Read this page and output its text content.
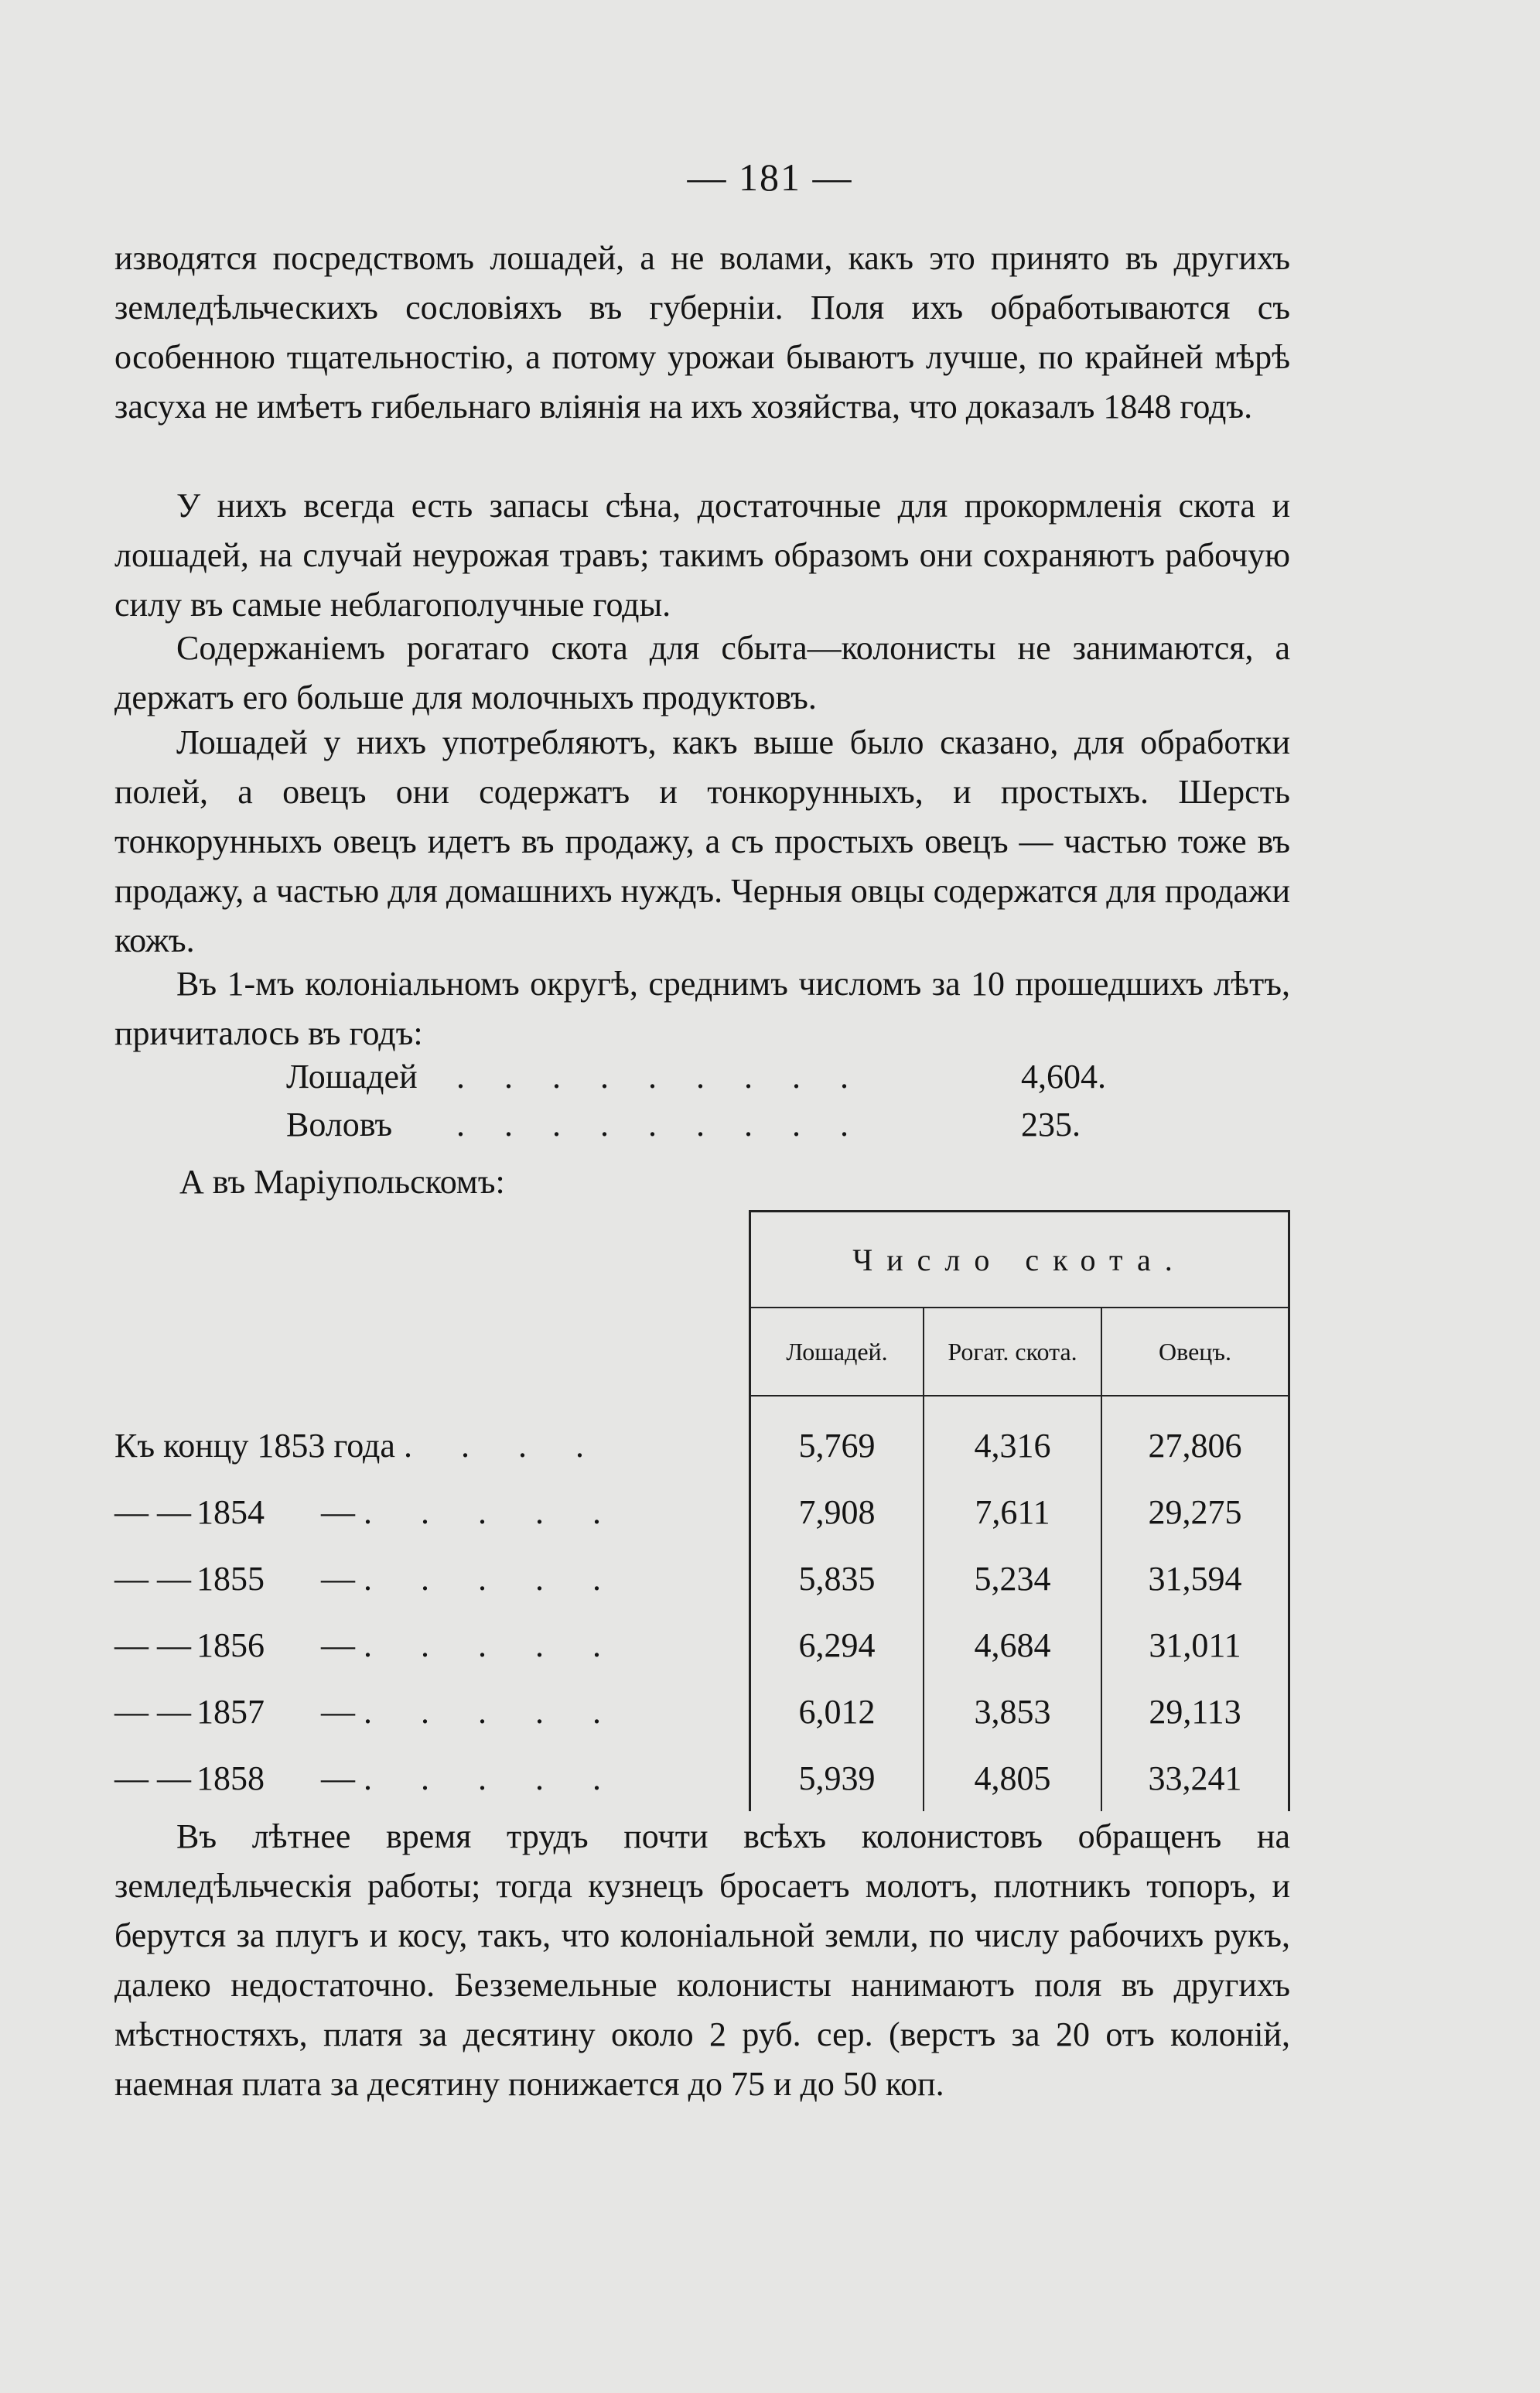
— 181 —
изводятся посредствомъ лошадей, а не волами, какъ это принято въ другихъ земледѣльческихъ сословіяхъ въ губерніи. Поля ихъ обработываются съ особенною тщательностію, а потому урожаи бываютъ лучше, по крайней мѣрѣ засуха не имѣетъ гибельнаго вліянія на ихъ хозяйства, что доказалъ 1848 годъ.
У нихъ всегда есть запасы сѣна, достаточные для прокормленія скота и лошадей, на случай неурожая травъ; такимъ образомъ они сохраняютъ рабочую силу въ самые неблагополучные годы.
Содержаніемъ рогатаго скота для сбыта—колонисты не занимаются, а держатъ его больше для молочныхъ продуктовъ.
Лошадей у нихъ употребляютъ, какъ выше было сказано, для обработки полей, а овецъ они содержатъ и тонкорунныхъ, и простыхъ. Шерсть тонкорунныхъ овецъ идетъ въ продажу, а съ простыхъ овецъ — частью тоже въ продажу, а частью для домашнихъ нуждъ. Черныя овцы содержатся для продажи кожъ.
Въ 1-мъ колоніальномъ округѣ, среднимъ числомъ за 10 прошедшихъ лѣтъ, причиталось въ годъ:
Лошадей . . . . . . . . .	4,604.
Воловъ . . . . . . . . .	235.
А въ Маріупольскомъ:
	Число скота.		
	Лошадей.	Рогат. скота.	Овецъ.

Къ концу 1853 года . . . .	5,769	4,316	27,806
— — 1854 — . . . . .	7,908	7,611	29,275
— — 1855 — . . . . .	5,835	5,234	31,594
— — 1856 — . . . . .	6,294	4,684	31,011
— — 1857 — . . . . .	6,012	3,853	29,113
— — 1858 — . . . . .	5,939	4,805	33,241
Въ лѣтнее время трудъ почти всѣхъ колонистовъ обращенъ на земледѣльческія работы; тогда кузнецъ бросаетъ молотъ, плотникъ топоръ, и берутся за плугъ и косу, такъ, что колоніальной земли, по числу рабочихъ рукъ, далеко недостаточно. Безземельные колонисты нанимаютъ поля въ другихъ мѣстностяхъ, платя за десятину около 2 руб. сер. (верстъ за 20 отъ колоній, наемная плата за десятину понижается до 75 и до 50 коп.
